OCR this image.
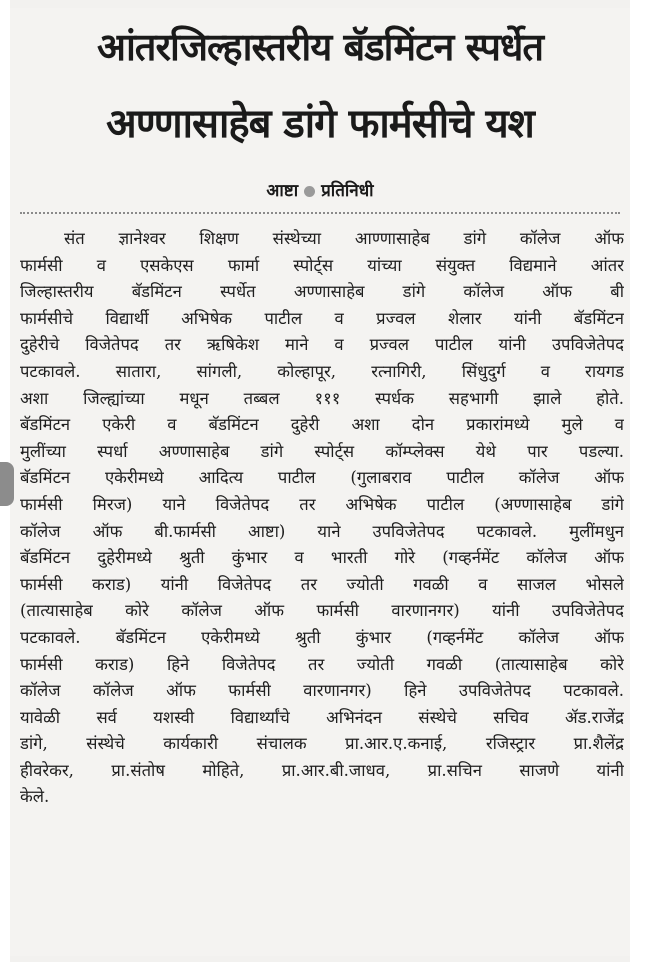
आंतरजिल्हास्तरीय बॅडमिंटन स्पर्धेत
अण्णासाहेब डांगे फार्मसीचे यश
आष्टा प्रतिनिधी
संत ज्ञानेश्वर शिक्षण संस्थेच्या आण्णासाहेब डांगे कॉलेज ऑफ
फार्मसी व एसकेएस फार्मा स्पोर्ट्स यांच्या संयुक्त विद्यमाने आंतर
जिल्हास्तरीय बॅडमिंटन स्पर्धेत अण्णासाहेब डांगे कॉलेज ऑफ बी
फार्मसीचे विद्यार्थी अभिषेक पाटील व प्रज्वल शेलार यांनी बॅडमिंटन
दुहेरीचे विजेतेपद तर ऋषिकेश माने व प्रज्वल पाटील यांनी उपविजेतेपद
पटकावले. सातारा, सांगली, कोल्हापूर, रत्नागिरी, सिंधुदुर्ग व रायगड
अशा जिल्ह्यांच्या मधून तब्बल १११ स्पर्धक सहभागी झाले होते.
बॅडमिंटन एकेरी व बॅडमिंटन दुहेरी अशा दोन प्रकारांमध्ये मुले व
मुलींच्या स्पर्धा अण्णासाहेब डांगे स्पोर्ट्स कॉम्प्लेक्स येथे पार पडल्या.
बॅडमिंटन एकेरीमध्ये आदित्य पाटील (गुलाबराव पाटील कॉलेज ऑफ
फार्मसी मिरज) याने विजेतेपद तर अभिषेक पाटील (अण्णासाहेब डांगे
कॉलेज ऑफ बी.फार्मसी आष्टा) याने उपविजेतेपद पटकावले. मुलींमधुन
बॅडमिंटन दुहेरीमध्ये श्रुती कुंभार व भारती गोरे (गव्हर्नमेंट कॉलेज ऑफ
फार्मसी कराड) यांनी विजेतेपद तर ज्योती गवळी व साजल भोसले
(तात्यासाहेब कोरे कॉलेज ऑफ फार्मसी वारणानगर) यांनी उपविजेतेपद
पटकावले. बॅडमिंटन एकेरीमध्ये श्रुती कुंभार (गव्हर्नमेंट कॉलेज ऑफ
फार्मसी कराड) हिने विजेतेपद तर ज्योती गवळी (तात्यासाहेब कोरे
कॉलेज कॉलेज ऑफ फार्मसी वारणानगर) हिने उपविजेतेपद पटकावले.
यावेळी सर्व यशस्वी विद्यार्थ्यांचे अभिनंदन संस्थेचे सचिव ॲड.राजेंद्र
डांगे, संस्थेचे कार्यकारी संचालक प्रा.आर.ए.कनाई, रजिस्ट्रार प्रा.शैलेंद्र
हीवरेकर, प्रा.संतोष मोहिते, प्रा.आर.बी.जाधव, प्रा.सचिन साजणे यांनी
केले.
